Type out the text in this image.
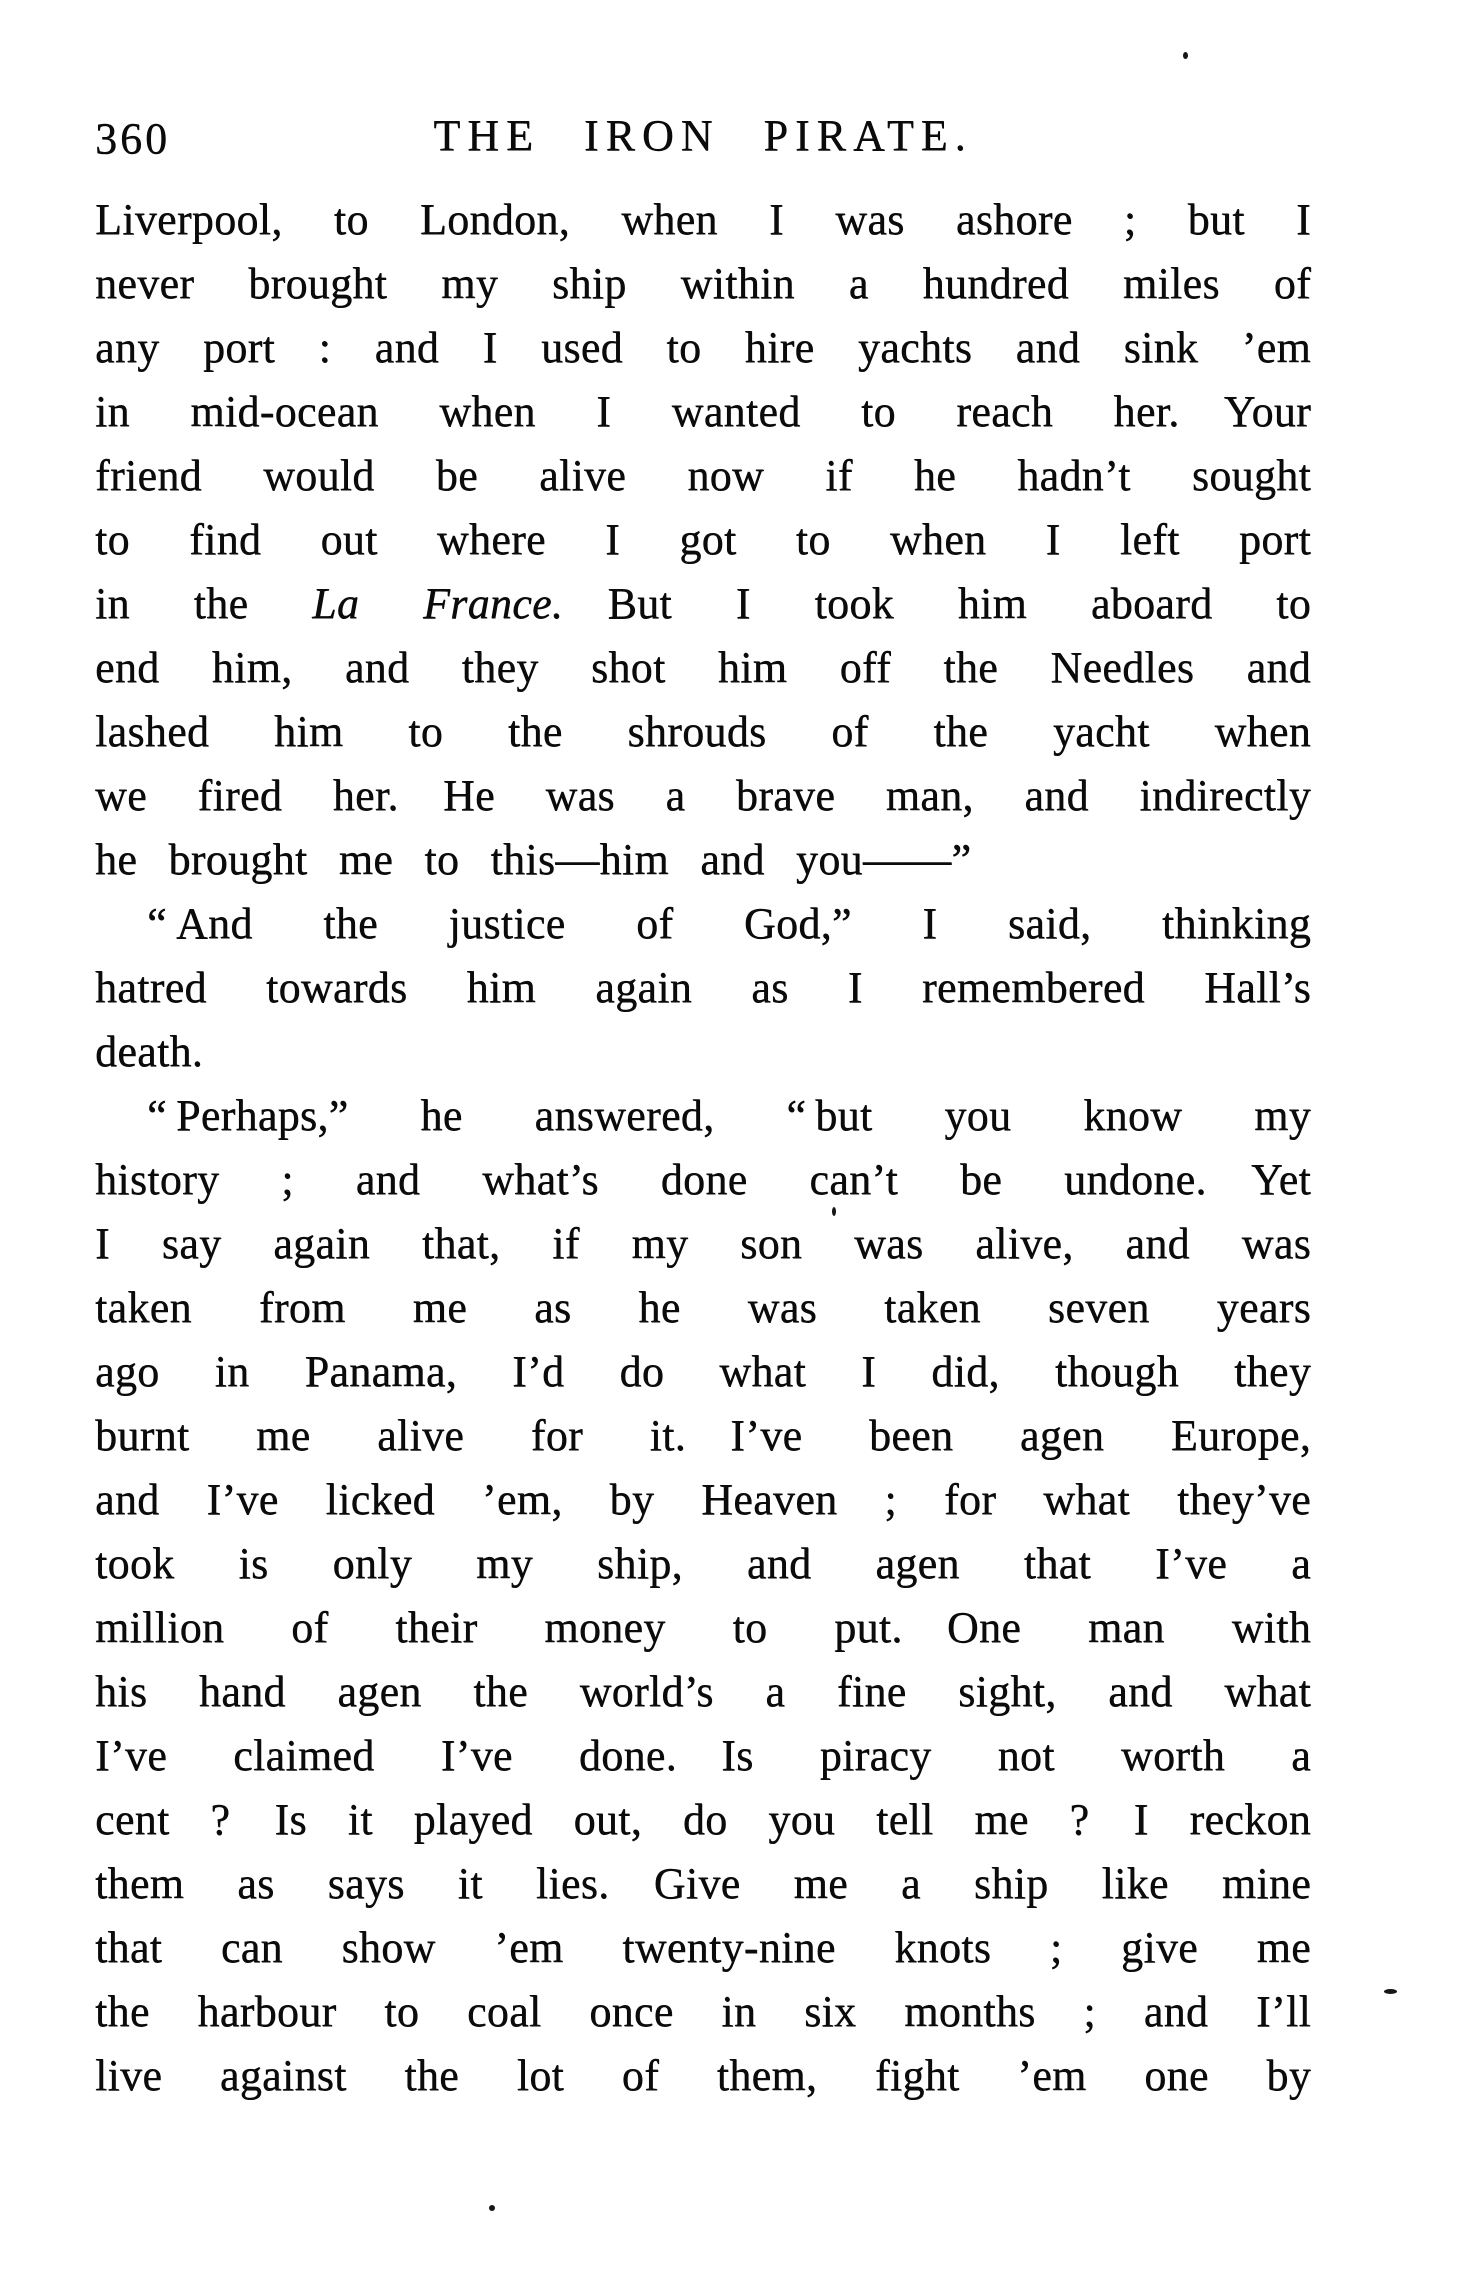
360	THE IRON PIRATE.
Liverpool, to London, when I was ashore ; but I
never brought my ship within a hundred miles of
any port : and I used to hire yachts and sink ’em
in mid-ocean when I wanted to reach her. Your
friend would be alive now if he hadn’t sought
to find out where I got to when I left port
in the La France. But I took him aboard to
end him, and they shot him off the Needles and
lashed him to the shrouds of the yacht when
we fired her. He was a brave man, and indirectly
he brought me to this—him and you——”
“ And the justice of God,” I said, thinking
hatred towards him again as I remembered Hall’s
death.
“ Perhaps,” he answered, “ but you know my
history ; and what’s done can’t be undone. Yet
I say again that, if my son was alive, and was
taken from me as he was taken seven years
ago in Panama, I’d do what I did, though they
burnt me alive for it. I’ve been agen Europe,
and I’ve licked ’em, by Heaven ; for what they’ve
took is only my ship, and agen that I’ve a
million of their money to put. One man with
his hand agen the world’s a fine sight, and what
I’ve claimed I’ve done. Is piracy not worth a
cent ? Is it played out, do you tell me ? I reckon
them as says it lies. Give me a ship like mine
that can show ’em twenty-nine knots ; give me
the harbour to coal once in six months ; and I’ll
live against the lot of them, fight ’em one by
